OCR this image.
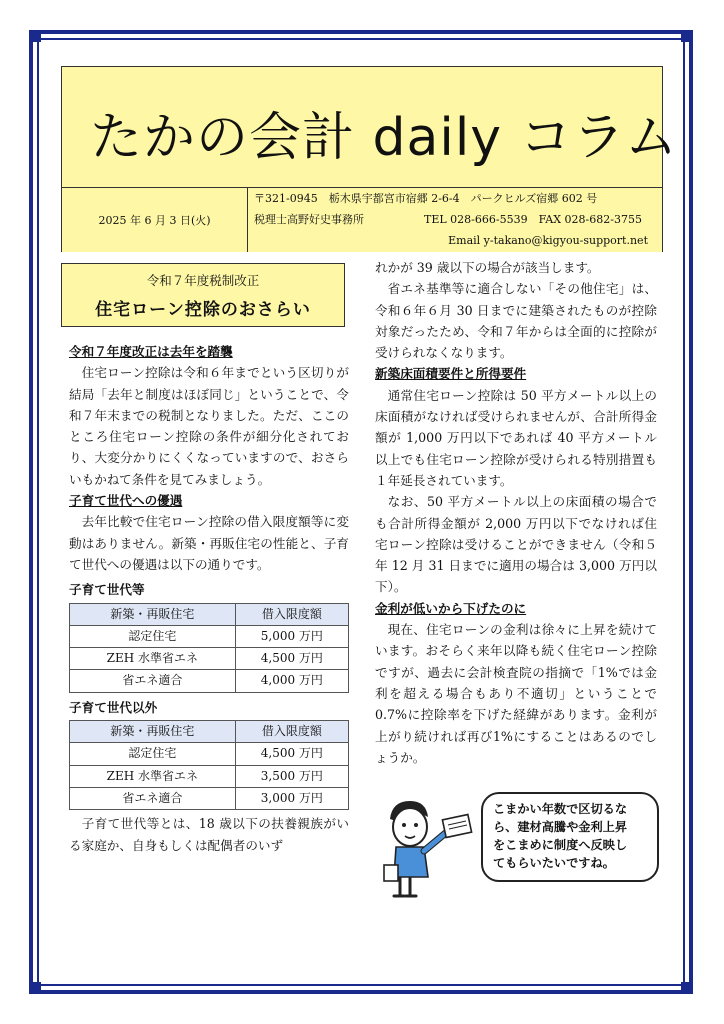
たかの会計 daily コラム
2025 年 6 月 3 日(火)
〒321-0945　栃木県宇都宮市宿郷 2-6-4　パークヒルズ宿郷 602 号
税理士高野好史事務所	TEL 028-666-5539　FAX 028-682-3755
Email y-takano@kigyou-support.net
令和７年度税制改正
住宅ローン控除のおさらい
令和７年度改正は去年を踏襲

住宅ローン控除は令和６年までという区切りが結局「去年と制度はほぼ同じ」ということで、令和７年末までの税制となりました。ただ、ここのところ住宅ローン控除の条件が細分化されており、大変分かりにくくなっていますので、おさらいもかねて条件を見てみましょう。

子育て世代への優遇

去年比較で住宅ローン控除の借入限度額等に変動はありません。新築・再販住宅の性能と、子育て世代への優遇は以下の通りです。

子育て世代等
新築・再販住宅	借入限度額
認定住宅	5,000 万円
ZEH 水準省エネ	4,500 万円
省エネ適合	4,000 万円
子育て世代以外
新築・再販住宅	借入限度額
認定住宅	4,500 万円
ZEH 水準省エネ	3,500 万円
省エネ適合	3,000 万円

子育て世代等とは、18 歳以下の扶養親族がいる家庭か、自身もしくは配偶者のいず

れかが 39 歳以下の場合が該当します。

省エネ基準等に適合しない「その他住宅」は、令和６年６月 30 日までに建築されたものが控除対象だったため、令和７年からは全面的に控除が受けられなくなります。

新築床面積要件と所得要件

通常住宅ローン控除は 50 平方メートル以上の床面積がなければ受けられませんが、合計所得金額が 1,000 万円以下であれば 40 平方メートル以上でも住宅ローン控除が受けられる特別措置も１年延長されています。

なお、50 平方メートル以上の床面積の場合でも合計所得金額が 2,000 万円以下でなければ住宅ローン控除は受けることができません（令和５年 12 月 31 日までに適用の場合は 3,000 万円以下）。

金利が低いから下げたのに

現在、住宅ローンの金利は徐々に上昇を続けています。おそらく来年以降も続く住宅ローン控除ですが、過去に会計検査院の指摘で「1%では金利を超える場合もあり不適切」ということで 0.7%に控除率を下げた経緯があります。金利が上がり続ければ再び1%にすることはあるのでしょうか。

こまかい年数で区切るな
ら、建材高騰や金利上昇
をこまめに制度へ反映し
てもらいたいですね。
